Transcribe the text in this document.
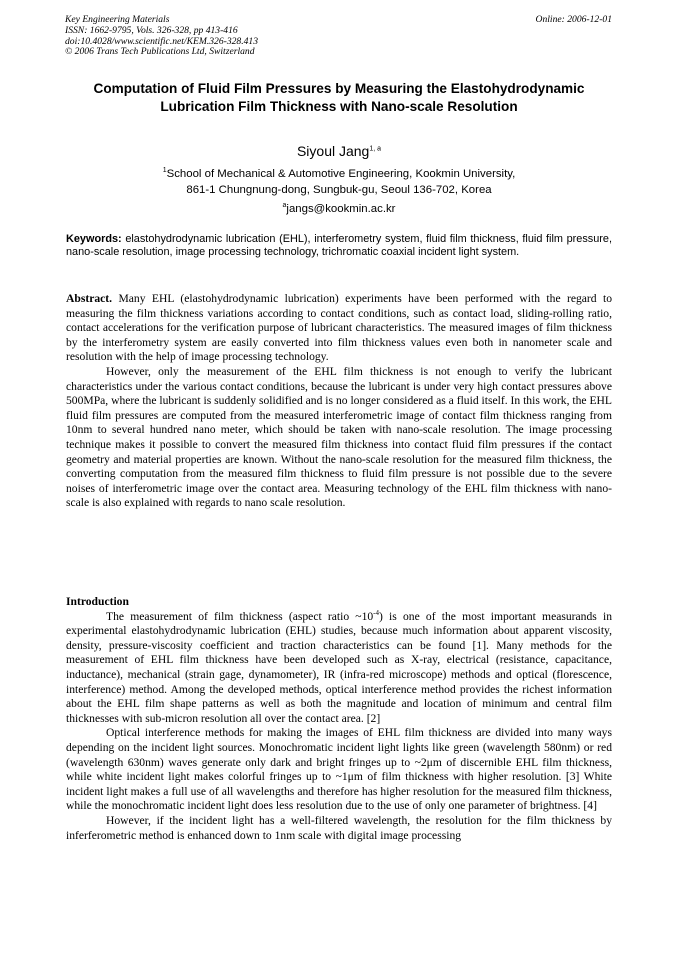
Key Engineering Materials
ISSN: 1662-9795, Vols. 326-328, pp 413-416
doi:10.4028/www.scientific.net/KEM.326-328.413
© 2006 Trans Tech Publications Ltd, Switzerland
Online: 2006-12-01
Computation of Fluid Film Pressures by Measuring the Elastohydrodynamic Lubrication Film Thickness with Nano-scale Resolution
Siyoul Jang$^{1, a}$
$^1$School of Mechanical & Automotive Engineering, Kookmin University,
861-1 Chungnung-dong, Sungbuk-gu, Seoul 136-702, Korea
$^a$jangs@kookmin.ac.kr
Keywords: elastohydrodynamic lubrication (EHL), interferometry system, fluid film thickness, fluid film pressure, nano-scale resolution, image processing technology, trichromatic coaxial incident light system.

Abstract. Many EHL (elastohydrodynamic lubrication) experiments have been performed with the regard to measuring the film thickness variations according to contact conditions, such as contact load, sliding-rolling ratio, contact accelerations for the verification purpose of lubricant characteristics. The measured images of film thickness by the interferometry system are easily converted into film thickness values even both in nanometer scale and resolution with the help of image processing technology.

However, only the measurement of the EHL film thickness is not enough to verify the lubricant characteristics under the various contact conditions, because the lubricant is under very high contact pressures above 500MPa, where the lubricant is suddenly solidified and is no longer considered as a fluid itself. In this work, the EHL fluid film pressures are computed from the measured interferometric image of contact film thickness ranging from 10nm to several hundred nano meter, which should be taken with nano-scale resolution. The image processing technique makes it possible to convert the measured film thickness into contact fluid film pressures if the contact geometry and material properties are known. Without the nano-scale resolution for the measured film thickness, the converting computation from the measured film thickness to fluid film pressure is not possible due to the severe noises of interferometric image over the contact area. Measuring technology of the EHL film thickness with nano-scale is also explained with regards to nano scale resolution.

Introduction

The measurement of film thickness (aspect ratio $\sim 10^{-4}$) is one of the most important measurands in experimental elastohydrodynamic lubrication (EHL) studies, because much information about apparent viscosity, density, pressure-viscosity coefficient and traction characteristics can be found [1]. Many methods for the measurement of EHL film thickness have been developed such as X-ray, electrical (resistance, capacitance, inductance), mechanical (strain gage, dynamometer), IR (infra-red microscope) methods and optical (florescence, interference) method. Among the developed methods, optical interference method provides the richest information about the EHL film shape patterns as well as both the magnitude and location of minimum and central film thicknesses with sub-micron resolution all over the contact area. [2]

Optical interference methods for making the images of EHL film thickness are divided into many ways depending on the incident light sources. Monochromatic incident light lights like green (wavelength 580nm) or red (wavelength 630nm) waves generate only dark and bright fringes up to ~2μm of discernible EHL film thickness, while white incident light makes colorful fringes up to ~1μm of film thickness with higher resolution. [3] White incident light makes a full use of all wavelengths and therefore has higher resolution for the measured film thickness, while the monochromatic incident light does less resolution due to the use of only one parameter of brightness. [4]

However, if the incident light has a well-filtered wavelength, the resolution for the film thickness by inferferometric method is enhanced down to 1nm scale with digital image processing
